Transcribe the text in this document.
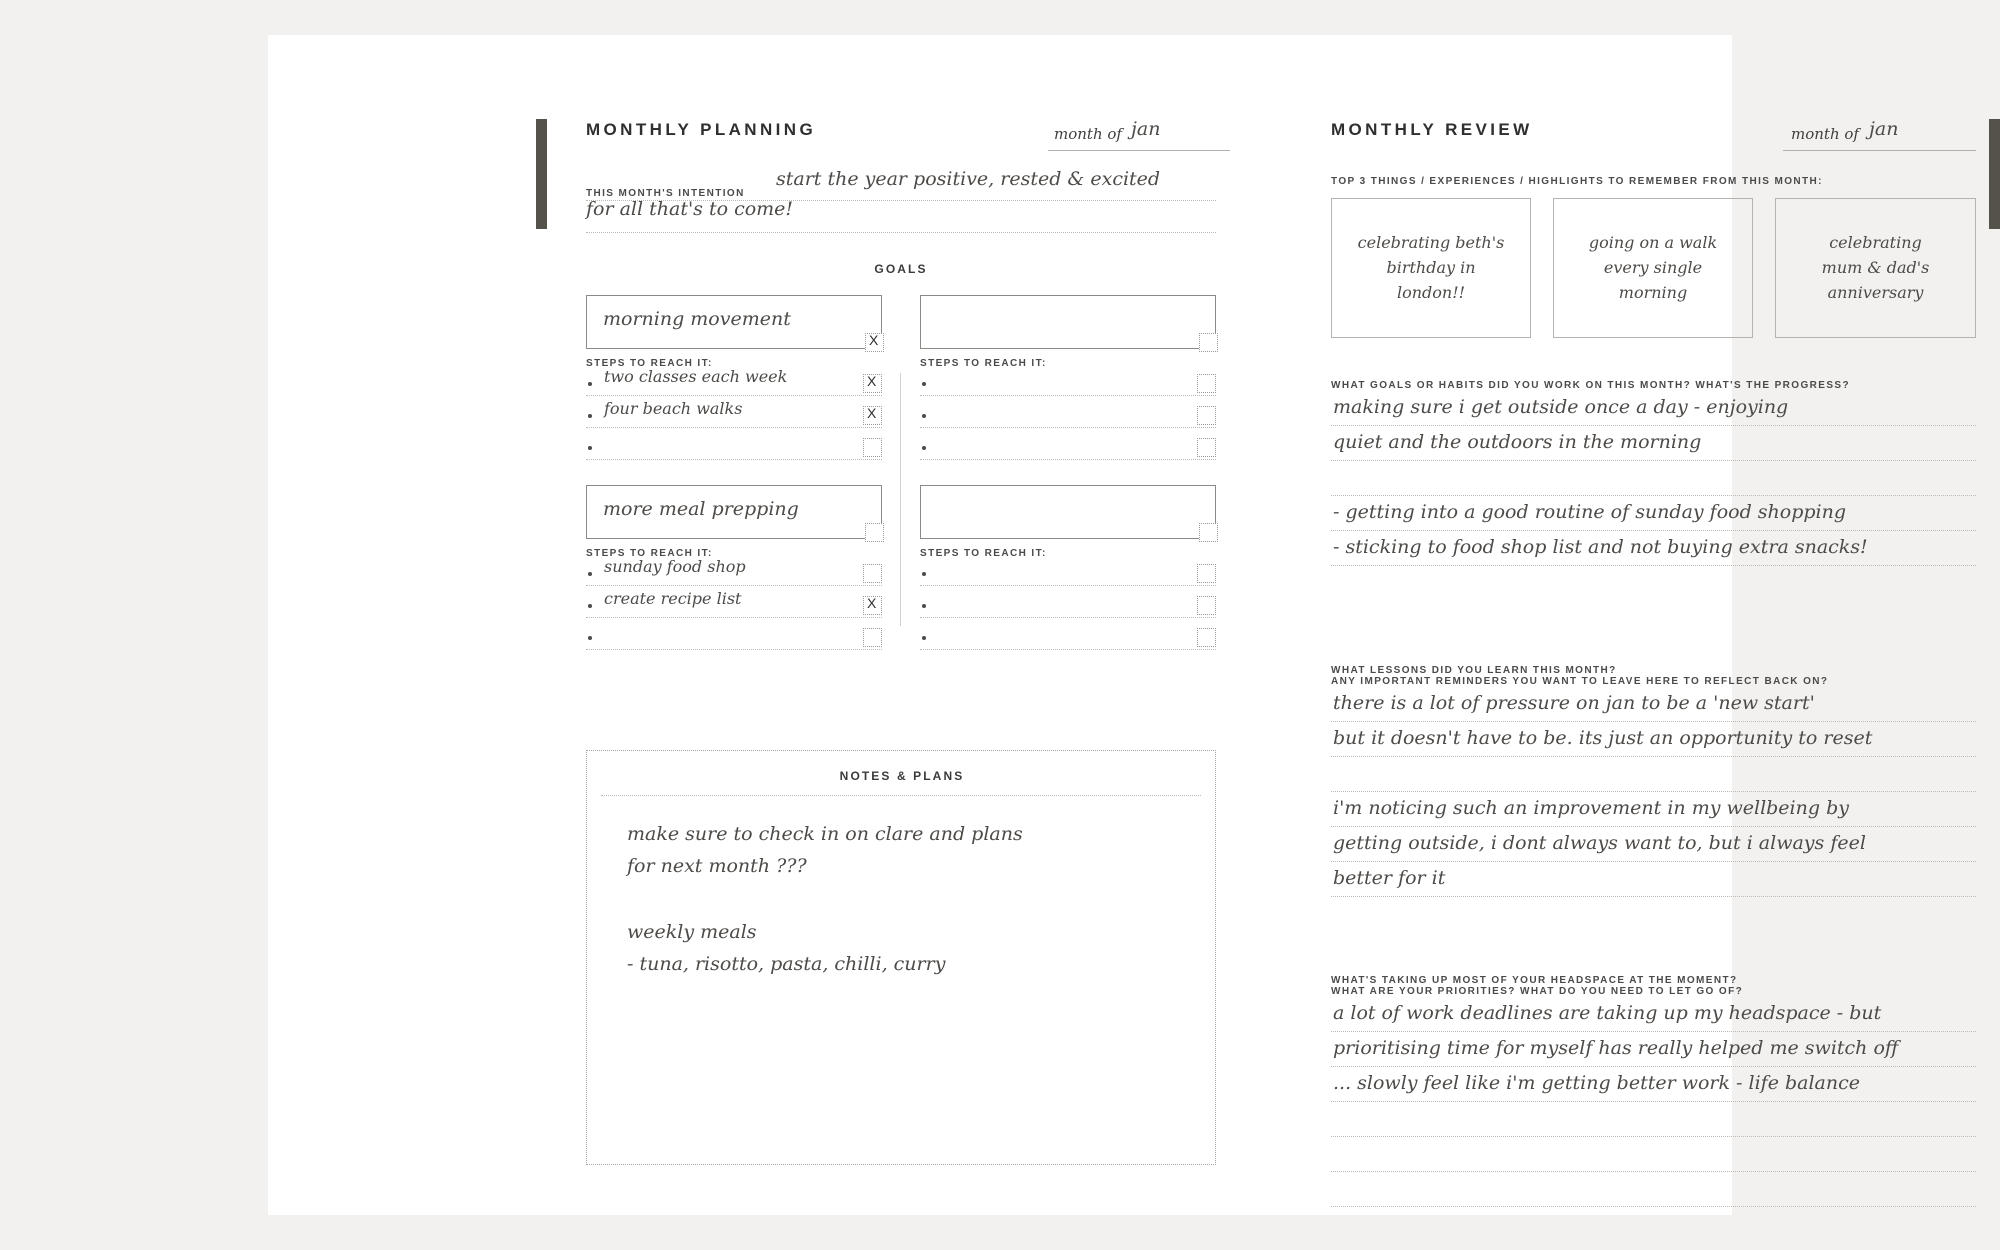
MONTHLY PLANNING	month of jan
THIS MONTH'S INTENTION
start the year positive, rested & excited
for all that's to come!
GOALS
morning movement
X
STEPS TO REACH IT:
two classes each week
X
four beach walks
X
more meal prepping
STEPS TO REACH IT:
sunday food shop
create recipe list
X
STEPS TO REACH IT:
STEPS TO REACH IT:
NOTES & PLANS
make sure to check in on clare and plans
for next month ???
weekly meals
- tuna, risotto, pasta, chilli, curry
MONTHLY REVIEW	month of jan
TOP 3 THINGS / EXPERIENCES / HIGHLIGHTS TO REMEMBER FROM THIS MONTH:
celebrating beth's
birthday in
london!!
going on a walk
every single
morning
celebrating
mum & dad's
anniversary
WHAT GOALS OR HABITS DID YOU WORK ON THIS MONTH? WHAT'S THE PROGRESS?
making sure i get outside once a day - enjoying
quiet and the outdoors in the morning
- getting into a good routine of sunday food shopping
- sticking to food shop list and not buying extra snacks!
WHAT LESSONS DID YOU LEARN THIS MONTH?
ANY IMPORTANT REMINDERS YOU WANT TO LEAVE HERE TO REFLECT BACK ON?
there is a lot of pressure on jan to be a 'new start'
but it doesn't have to be. its just an opportunity to reset
i'm noticing such an improvement in my wellbeing by
getting outside, i dont always want to, but i always feel
better for it
WHAT'S TAKING UP MOST OF YOUR HEADSPACE AT THE MOMENT?
WHAT ARE YOUR PRIORITIES? WHAT DO YOU NEED TO LET GO OF?
a lot of work deadlines are taking up my headspace - but
prioritising time for myself has really helped me switch off
... slowly feel like i'm getting better work - life balance
